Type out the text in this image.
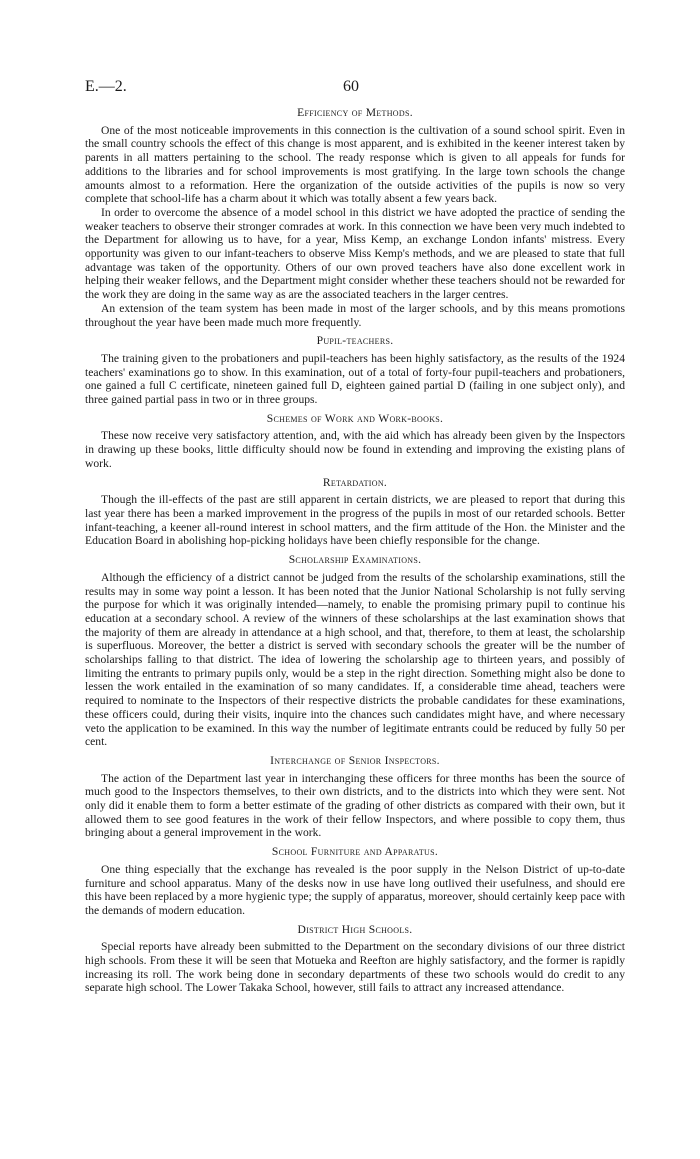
E.—2.	60
Efficiency of Methods.

One of the most noticeable improvements in this connection is the cultivation of a sound school spirit. Even in the small country schools the effect of this change is most apparent, and is exhibited in the keener interest taken by parents in all matters pertaining to the school. The ready response which is given to all appeals for funds for additions to the libraries and for school improvements is most gratifying. In the large town schools the change amounts almost to a reformation. Here the organization of the outside activities of the pupils is now so very complete that school-life has a charm about it which was totally absent a few years back.

In order to overcome the absence of a model school in this district we have adopted the practice of sending the weaker teachers to observe their stronger comrades at work. In this connection we have been very much indebted to the Department for allowing us to have, for a year, Miss Kemp, an exchange London infants' mistress. Every opportunity was given to our infant-teachers to observe Miss Kemp's methods, and we are pleased to state that full advantage was taken of the opportunity. Others of our own proved teachers have also done excellent work in helping their weaker fellows, and the Department might consider whether these teachers should not be rewarded for the work they are doing in the same way as are the associated teachers in the larger centres.

An extension of the team system has been made in most of the larger schools, and by this means promotions throughout the year have been made much more frequently.

Pupil-teachers.

The training given to the probationers and pupil-teachers has been highly satisfactory, as the results of the 1924 teachers' examinations go to show. In this examination, out of a total of forty-four pupil-teachers and probationers, one gained a full C certificate, nineteen gained full D, eighteen gained partial D (failing in one subject only), and three gained partial pass in two or in three groups.

Schemes of Work and Work-books.

These now receive very satisfactory attention, and, with the aid which has already been given by the Inspectors in drawing up these books, little difficulty should now be found in extending and improving the existing plans of work.

Retardation.

Though the ill-effects of the past are still apparent in certain districts, we are pleased to report that during this last year there has been a marked improvement in the progress of the pupils in most of our retarded schools. Better infant-teaching, a keener all-round interest in school matters, and the firm attitude of the Hon. the Minister and the Education Board in abolishing hop-picking holidays have been chiefly responsible for the change.

Scholarship Examinations.

Although the efficiency of a district cannot be judged from the results of the scholarship examinations, still the results may in some way point a lesson. It has been noted that the Junior National Scholarship is not fully serving the purpose for which it was originally intended—namely, to enable the promising primary pupil to continue his education at a secondary school. A review of the winners of these scholarships at the last examination shows that the majority of them are already in attendance at a high school, and that, therefore, to them at least, the scholarship is superfluous. Moreover, the better a district is served with secondary schools the greater will be the number of scholarships falling to that district. The idea of lowering the scholarship age to thirteen years, and possibly of limiting the entrants to primary pupils only, would be a step in the right direction. Something might also be done to lessen the work entailed in the examination of so many candidates. If, a considerable time ahead, teachers were required to nominate to the Inspectors of their respective districts the probable candidates for these examinations, these officers could, during their visits, inquire into the chances such candidates might have, and where necessary veto the application to be examined. In this way the number of legitimate entrants could be reduced by fully 50 per cent.

Interchange of Senior Inspectors.

The action of the Department last year in interchanging these officers for three months has been the source of much good to the Inspectors themselves, to their own districts, and to the districts into which they were sent. Not only did it enable them to form a better estimate of the grading of other districts as compared with their own, but it allowed them to see good features in the work of their fellow Inspectors, and where possible to copy them, thus bringing about a general improvement in the work.

School Furniture and Apparatus.

One thing especially that the exchange has revealed is the poor supply in the Nelson District of up-to-date furniture and school apparatus. Many of the desks now in use have long outlived their usefulness, and should ere this have been replaced by a more hygienic type; the supply of apparatus, moreover, should certainly keep pace with the demands of modern education.

District High Schools.

Special reports have already been submitted to the Department on the secondary divisions of our three district high schools. From these it will be seen that Motueka and Reefton are highly satisfactory, and the former is rapidly increasing its roll. The work being done in secondary departments of these two schools would do credit to any separate high school. The Lower Takaka School, however, still fails to attract any increased attendance.
